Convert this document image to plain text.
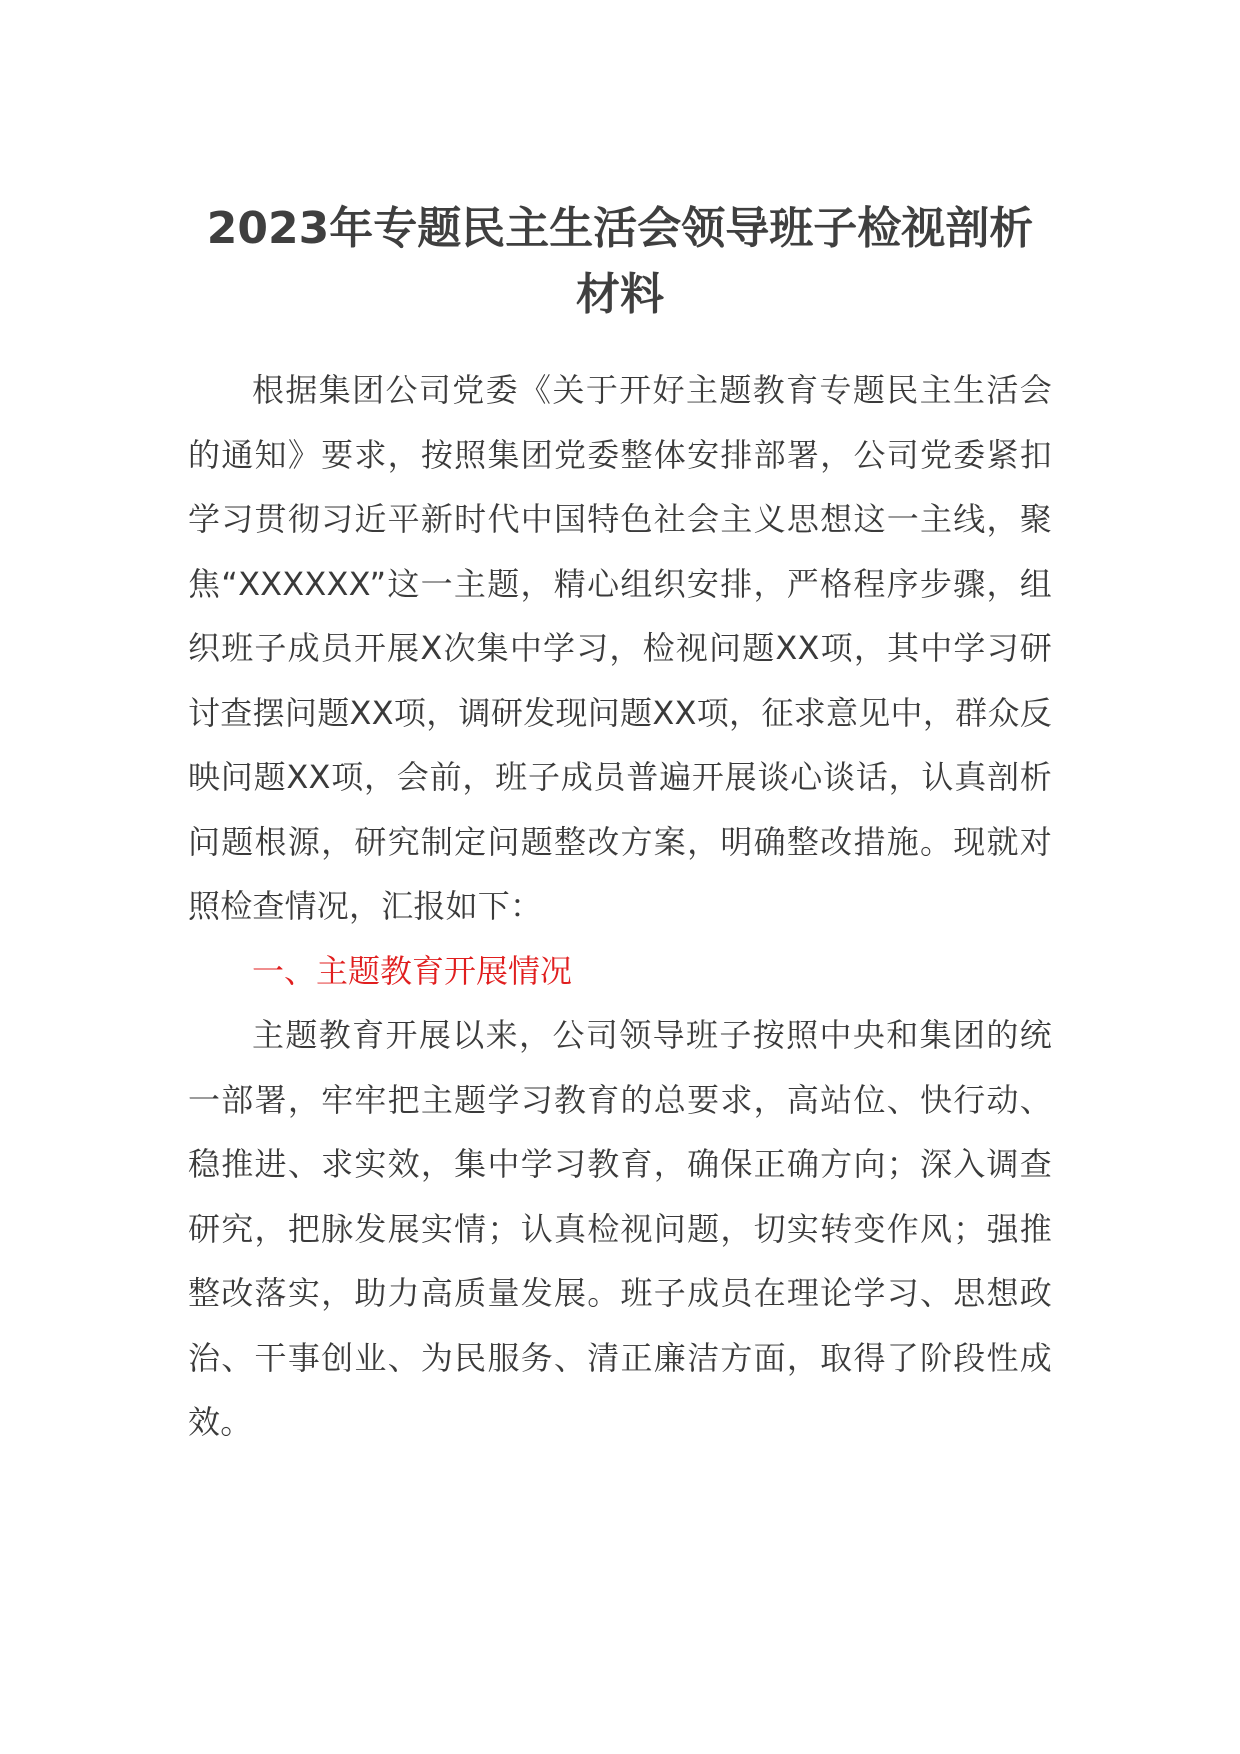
2023年专题民主生活会领导班子检视剖析材料

根据集团公司党委《关于开好主题教育专题民主生活会的通知》要求，按照集团党委整体安排部署，公司党委紧扣学习贯彻习近平新时代中国特色社会主义思想这一主线，聚焦“XXXXXX”这一主题，精心组织安排，严格程序步骤，组织班子成员开展X次集中学习，检视问题XX项，其中学习研讨查摆问题XX项，调研发现问题XX项，征求意见中，群众反映问题XX项，会前，班子成员普遍开展谈心谈话，认真剖析问题根源，研究制定问题整改方案，明确整改措施。现就对照检查情况，汇报如下：

一、主题教育开展情况

主题教育开展以来，公司领导班子按照中央和集团的统一部署，牢牢把主题学习教育的总要求，高站位、快行动、稳推进、求实效，集中学习教育，确保正确方向；深入调查研究，把脉发展实情；认真检视问题，切实转变作风；强推整改落实，助力高质量发展。班子成员在理论学习、思想政治、干事创业、为民服务、清正廉洁方面，取得了阶段性成效。
